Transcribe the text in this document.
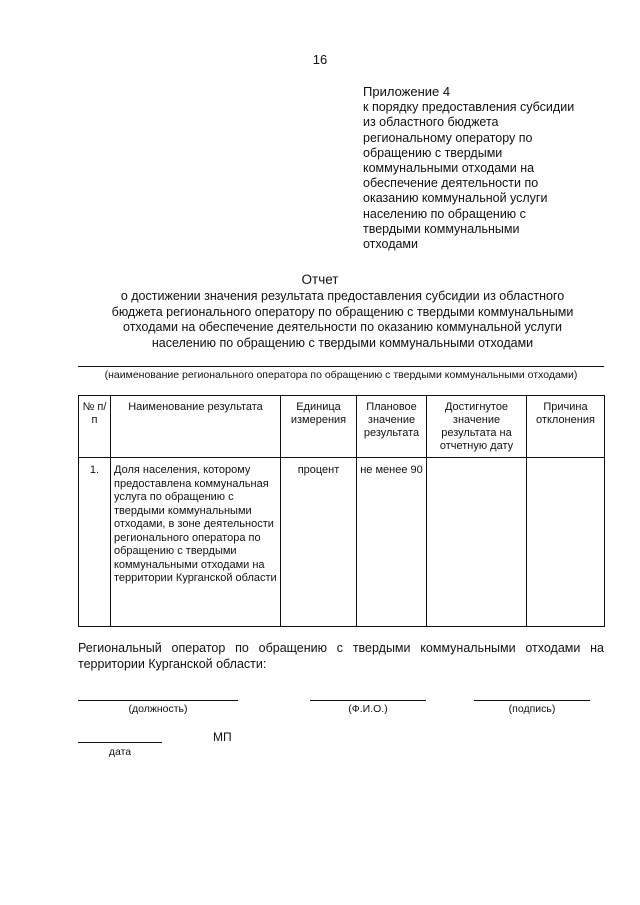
16
Приложение 4
к порядку предоставления субсидии
из областного бюджета
региональному оператору по
обращению с твердыми
коммунальными отходами на
обеспечение деятельности по
оказанию коммунальной услуги
населению по обращению с
твердыми коммунальными
отходами
Отчет
о достижении значения результата предоставления субсидии из областного
бюджета регионального оператору по обращению с твердыми коммунальными
отходами на обеспечение деятельности по оказанию коммунальной услуги
населению по обращению с твердыми коммунальными отходами
(наименование регионального оператора по обращению с твердыми коммунальными отходами)
№ п/п	Наименование результата	Единица измерения	Плановое значение результата	Достигнутое значение результата на отчетную дату	Причина отклонения
1.	Доля населения, которому предоставлена коммунальная услуга по обращению с твердыми коммунальными отходами, в зоне деятельности регионального оператора по обращению с твердыми коммунальными отходами на территории Курганской области	процент	не менее 90		
Региональный оператор по обращению с твердыми коммунальными отходами на территории Курганской области:
(должность)	(Ф.И.О.)	(подпись)
МП
дата
